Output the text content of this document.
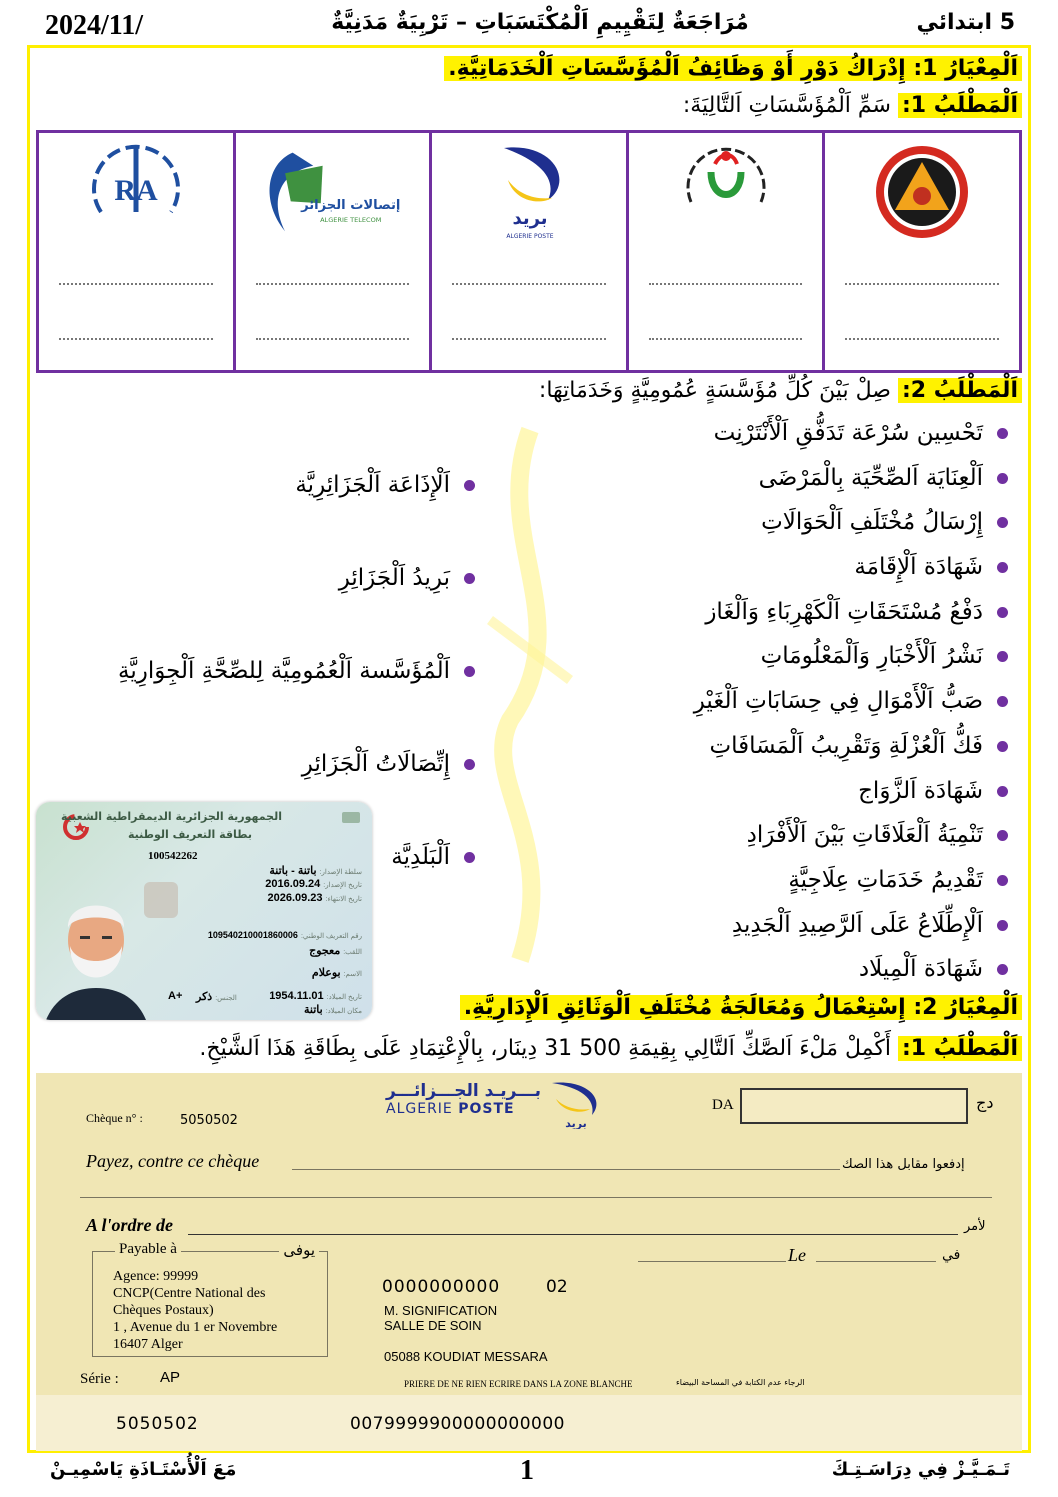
2024/11/	مُرَاجَعَةٌ لِتَقْيِيمِ اَلْمُكْتَسَبَاتِ – تَرْبِيَةٌ مَدَنِيَّةٌ	5 ابتدائي
اَلْمِعْيَارُ 1: إِدْرَاكُ دَوْرِ أَوْ وَظَائِفُ اَلْمُؤَسَّسَاتِ اَلْخَدَمَاتِيَّةِ.
اَلْمَطْلَبُ 1: سَمِّ اَلْمُؤَسَّسَاتِ اَلتَّالِيَةَ:
RA	إتصالات الجزائر
ALGERIE TELECOM	بريد
ALGERIE POSTE
اَلْمَطْلَبُ 2: صِلْ بَيْنَ كُلِّ مُؤَسَّسَةٍ عُمُومِيَّةٍ وَخَدَمَاتِهَا:
تَحْسِين سُرْعَة تَدَفُّقِ اَلْأَنْتَرْنِت
اَلْعِنَايَة اَلصِّحِّيَة بِالْمَرْضَى
إِرْسَالُ مُخْتَلَفِ اَلْحَوَالَاتِ
شَهَادَة اَلْإِقَامَة
دَفْعُ مُسْتَحَقَاتِ اَلْكَهْرِبَاءِ وَاَلْغَاز
نَشْرُ اَلْأَخْبَارِ وَاَلْمَعْلُومَاتِ
صَبُّ اَلْأَمْوَالِ فِي حِسَابَاتِ اَلْغَيْرِ
فَكُّ اَلْعُزْلَةِ وَتَقْرِيبُ اَلْمَسَافَاتِ
شَهَادَة اَلزَّوَاج
تَنْمِيَةُ اَلْعَلَاقَاتِ بَيْنَ اَلْأَفْرَادِ
تَقْدِيمُ خَدَمَاتِ عِلَاجِيَّةٍ
اَلْإِطِّلَاعُ عَلَى اَلرَّصِيدِ اَلْجَدِيدِ
شَهَادَة اَلْمِيلَاد
اَلْإِذَاعَة اَلْجَزَائِرِيَّة
بَرِيدُ اَلْجَزَائِرِ
اَلْمُؤَسَّسة اَلْعُمُومِيَّة لِلصِّحَّةِ اَلْجِوَارِيَّةِ
إِتِّصَالَاتُ اَلْجَزَائِرِ
اَلْبَلَدِيَّة
الجمهورية الجزائرية الديمقراطية الشعبية
بطاقة التعريف الوطنية
100542262
سلطة الإصدار:باتنة - باتنة
تاريخ الإصدار:2016.09.24
تاريخ الانتهاء:2026.09.23
رقم التعريف الوطني:109540210001860006
اللقب:معجوج
الاسم:بوعلام
تاريخ الميلاد:1954.11.01
مكان الميلاد:باتنة
الجنس:ذكر
A+	اَلْمِعْيَارُ 2: إِسْتِعْمَالُ وَمُعَالَجَةُ مُخْتَلَفِ اَلْوَثَائِقِ اَلْإِدَارِيَّةِ.
اَلْمَطْلَبُ 1: أَكْمِلْ مَلْءَ اَلصَّكِّ اَلتَّالِي بِقِيمَةِ 500 31 دِينَار، بِالْإِعْتِمَادِ عَلَى بِطَاقَةِ هَذَا اَلشَّيْخِ.
Chèque n° :	5050502
بـــريـد الجـــزائـــر
ALGERIE POSTE
بريد
DA	دج
Payez, contre ce chèque	إدفعوا مقابل هذا الصك
A l'ordre de	لأمر
Le	في
Payable à	يوفى
Agence: 99999
CNCP(Centre National des
Chèques Postaux)
1 , Avenue du 1 er Novembre
16407 Alger
0000000000	02
M. SIGNIFICATION
SALLE DE SOIN
05088 KOUDIAT MESSARA
Série :	AP	PRIERE DE NE RIEN ECRIRE DANS LA ZONE BLANCHE	الرجاء عدم الكتابة في المساحة البيضاء
5050502	0079999900000000000
مَعَ اَلْأُسْتَـاذَةِ يَاسْمِيـنْ	1	تَـمَـيَّـزْ فِي دِرَاسَـتِـكَ
